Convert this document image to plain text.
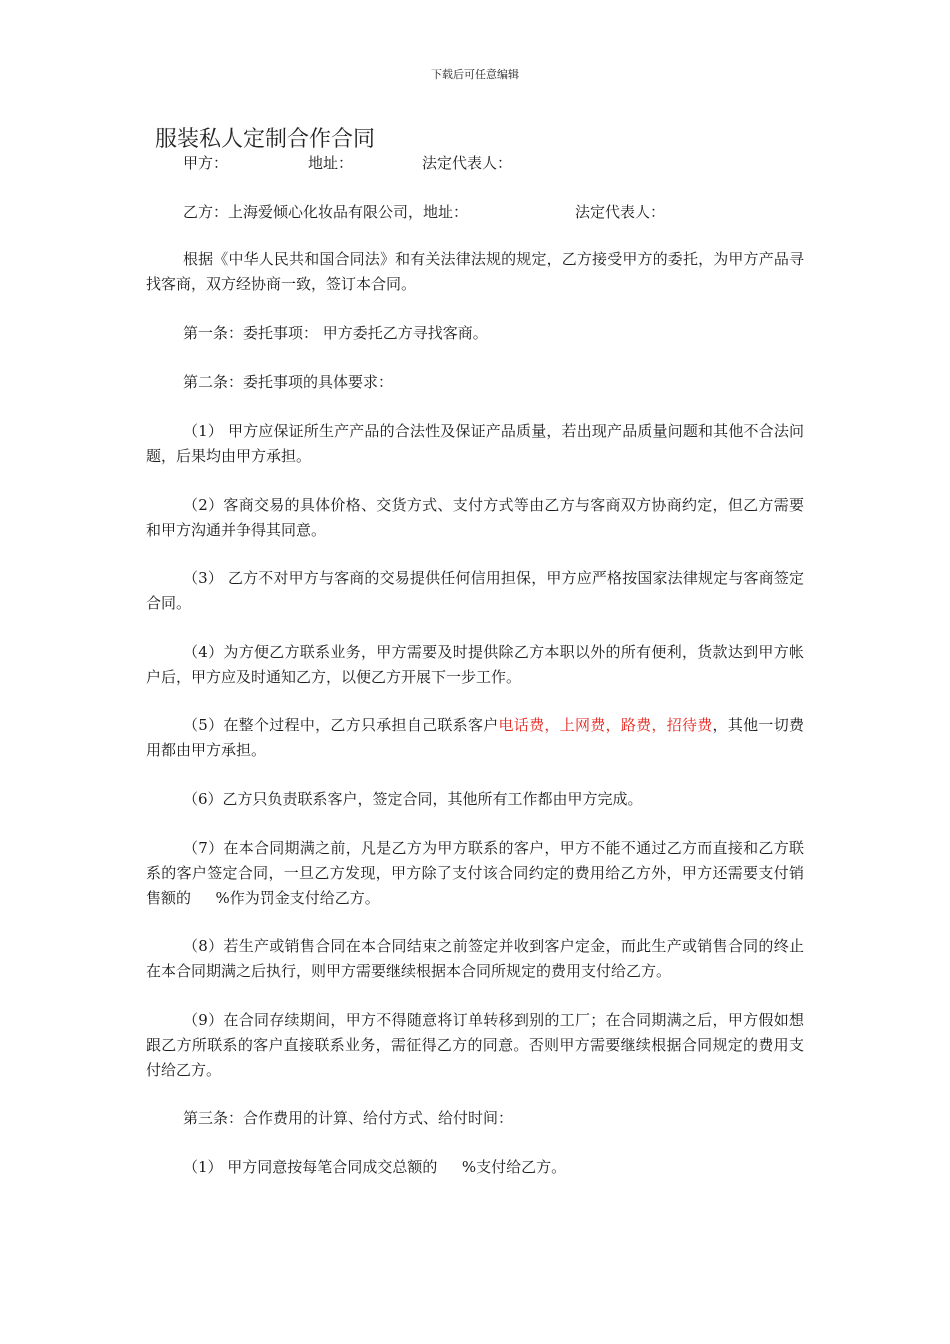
下载后可任意编辑
服装私人定制合作合同
甲方：	地址：	法定代表人：
乙方：上海爱倾心化妆品有限公司，地址：	法定代表人：

根据《中华人民共和国合同法》和有关法律法规的规定，乙方接受甲方的委托，为甲方产品寻找客商，双方经协商一致，签订本合同。

第一条：委托事项： 甲方委托乙方寻找客商。

第二条：委托事项的具体要求：

（1） 甲方应保证所生产产品的合法性及保证产品质量，若出现产品质量问题和其他不合法问题，后果均由甲方承担。

（2）客商交易的具体价格、交货方式、支付方式等由乙方与客商双方协商约定，但乙方需要和甲方沟通并争得其同意。

（3） 乙方不对甲方与客商的交易提供任何信用担保，甲方应严格按国家法律规定与客商签定合同。

（4）为方便乙方联系业务，甲方需要及时提供除乙方本职以外的所有便利，货款达到甲方帐户后，甲方应及时通知乙方，以便乙方开展下一步工作。

（5）在整个过程中，乙方只承担自己联系客户电话费，上网费，路费，招待费，其他一切费用都由甲方承担。

（6）乙方只负责联系客户，签定合同，其他所有工作都由甲方完成。

（7）在本合同期满之前，凡是乙方为甲方联系的客户，甲方不能不通过乙方而直接和乙方联系的客户签定合同，一旦乙方发现，甲方除了支付该合同约定的费用给乙方外，甲方还需要支付销售额的 　 %作为罚金支付给乙方。

（8）若生产或销售合同在本合同结束之前签定并收到客户定金，而此生产或销售合同的终止在本合同期满之后执行，则甲方需要继续根据本合同所规定的费用支付给乙方。

（9）在合同存续期间，甲方不得随意将订单转移到别的工厂；在合同期满之后，甲方假如想跟乙方所联系的客户直接联系业务，需征得乙方的同意。否则甲方需要继续根据合同规定的费用支付给乙方。

第三条：合作费用的计算、给付方式、给付时间：

（1） 甲方同意按每笔合同成交总额的 　 %支付给乙方。
